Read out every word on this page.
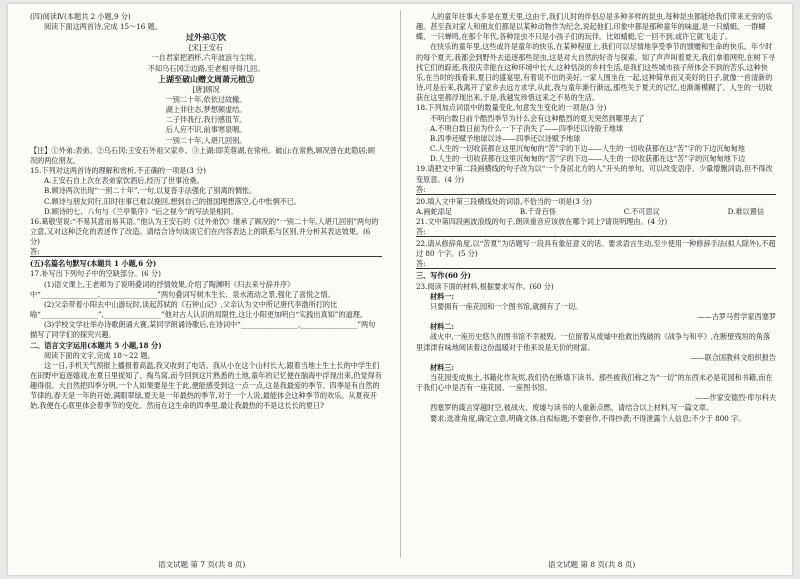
(四)阅读Ⅳ(本题共 2 小题,9 分)

阅读下面这两首诗,完成 15～16 题。

过外弟①饮

[宋]王安石

一自君家把酒杯,六年波浪与尘埃。

不知乌石冈②边路,至老相寻得几回。

上湖至破山赠文周萧元植③

[唐]顾况

一别二十年,依依过故辙。

湖上非往态,梦想频虚结。

二子伴我行,我行感徂节。

后人应不识,前事寒泉咽。

一别二十年,人堪几回别。

【注】①外弟:表弟。②乌石冈:王安石外祖父家乡。③上湖:即芙蓉湖,在常州。破山:在常熟,顾况曾在此隐居;顾况的两位朋友。

15.下列对这两首诗的理解和赏析,不正确的一项是(3 分)

A.王安石自上次在表弟家饮酒后,经历了世事沧桑。

B.顾诗两次出现“一别二十年”,一句,以复沓手法强化了别离的惆怅。

C.顾诗与朋友同行,旧时往事已难以挽回,想到自己的报国理想落空,心中怅惘不已。

D.顾诗的七、八句与《兰亭集序》“后之视今”的写法是相同。

16.葛敬坚说:“不易其意而易其语。”他认为王安石的《过外弟饮》继承了顾况的“一别二十年,人堪几回别”两句的立意,又对这种泛化的表述作了改造。请结合诗句谈谈它们在内容表达上的联系与区别,并分析其表达效果。(6 分)

答:

(五)名篇名句默写(本题共 1 小题,6 分)

17.补写出下列句子中的空缺部分。(6 分)

(1)语文课上,王老师为了说明叠词的抒情效果,介绍了陶渊明《归去来兮辞并序》中“________________,________________”两句叠词写树木生长、泉水流动之景,强化了喜悦之情。

(2)父亲带着小阳去中山游玩时,谈起苏轼的《石钟山记》,父亲认为文中所记唐代李渤所打的比喻“________________”,________________”他对古人认识的局限性,这让小阳更加明白“实践出真知”的道理。

(3)学校文学社举办诗歌朗诵大赛,某同学朗诵诗歌后,在诗词中“________________,________________”两句描写了同学们的探究兴趣。

二、语言文字运用(本题共 5 小题,18 分)

阅读下面的文字,完成 18～22 题。

这一日,手机天气预报上播报着高温,我又收到了电话。我从小在这个山村长大,跟着当地土生土长的中学生们在田野中追逐嬉戏,在夏日里捉知了、掏鸟窝,而今回到这片熟悉的土地,童年的记忆便在脑海中浮现出来,仍觉得有趣得很。大自然把四季分明,一个人如果要是生于此,便能感受到这一点一点,这是我最爱的季节。四季是有自然的节律的,春天是一年的开始,满眼翠绿,夏天是一年最热的季节,对于一个人说,最能体会这种季节的欢乐。从夏夜开始,我便在心底里体会着季节的变化。然而在这生命的四季里,最让我最热的不是这长长的夏日?

人的童年往事大多是在夏天里,这由于,我们儿时的伴侣总是多种多样的昆虫,每种昆虫都能给我们带来无穷的乐趣。甚至我对家人和朋友们都是以某种动物作为纪念,说起他们,印象中都是那种童年的味道,是一只蜻蜓、一群蝴蝶、一只蝉鸣,在那个年代,各种昆虫不只是小孩子们的玩伴。比如蜻蜓,它一回不到,或许它就飞走了。

在快乐的童年里,这些或许是童年的快乐,在某种程度上,我们可以尽情地享受季节的馈赠和生命的快乐。年少时的每个夏天,我都会到野外去追逐那些昆虫,这是对大自然的好奇与探索。知了声声叫着夏天,我们拿着网兜,在树下寻找它们的踪迹,我很庆幸能在这种环境中长大,这种恬淡的乡村生活,是我们这些城市孩子所体会不到的苦乐,这种快乐,在当时的我看来,夏日的盛宴里,有着说不出的美好,一家人围坐在一起,这种简单而又美好的日子,就像一首清新的诗,可是后来,我离开了家乡去远方求学,从此,我与童年渐行渐远,那些关于夏天的记忆,也渐渐模糊了。人生的一切收获在这里都浮现出来,于是,我越发珍惜这来之不易的生活。

18.下列加点词语中的数量变化,句意发生变化的一项是(3 分)

不明白数日前个酷烈季节为什么会有这种酷烈的夏天突然到哪里去了

A.不明白数日前为什么一下子消失了——四季还以诗般于地球

B.四季还赋予地球以诗——四季还以诗赋予地球

C.人生的一切收获都在这里沉甸甸的“苦”字的下边——人生的一切收获都在这“苦”字的下边沉甸甸地

D.人生的一切收获都在这里沉甸甸的“苦”字的下边——人生的一切收获都在这“苦”字的沉甸甸地下边

19.请把文中第二段画横线的句子改为以“一个身居北方的人”开头的单句。可以改变语序、少量增删词语,但不得改变原意。(4 分)

答:

20.填入文中第三段横线处的词语,不恰当的一项是(3 分)

A.画蛇添足	B.千奇百怪	C.不可思议	D.难以置信

21.文中第四段画波浪线的句子,朗读重音应该放在哪个词上?请说明理由。(4 分)

答:

22.请从修辞角度,以“苦夏”为话题写一段具有象征意义的话。要求语言生动,至少使用一种修辞手法(拟人除外),不超过 80 个字。(5 分)

答:

三、写作(60 分)

23.阅读下面的材料,根据要求写作。(60 分)

材料一:

只要拥有一座花园和一个图书馆,就拥有了一切。

——古罗马哲学家西塞罗

材料二:

战火中,一座历史悠久的图书馆不幸被毁。一位留着从废墟中抢救出残破的《战争与和平》,在断壁残垣的角落里津津有味地阅读着这份温暖对于他来说是无价的财富。

——联合国教科文组织报告

材料三:

当花园变成焦土,书籍化作灰烬,我们仍在断墙下读书。那些被我们称之为“一切”的东西未必是花园和书籍,而在于我们心中是否有一座花园、一座图书馆。

——作家安德烈·库尔科夫

西塞罗的箴言穿越时空,被战火、废墟与读书的人重新点燃。请结合以上材料,写一篇文章。

要求:选准角度,确定立意,明确文体,自拟标题;不要套作,不得抄袭;不得泄露个人信息;不少于 800 字。

语文试题 第 7 页(共 8 页)	语文试题 第 8 页(共 8 页)
